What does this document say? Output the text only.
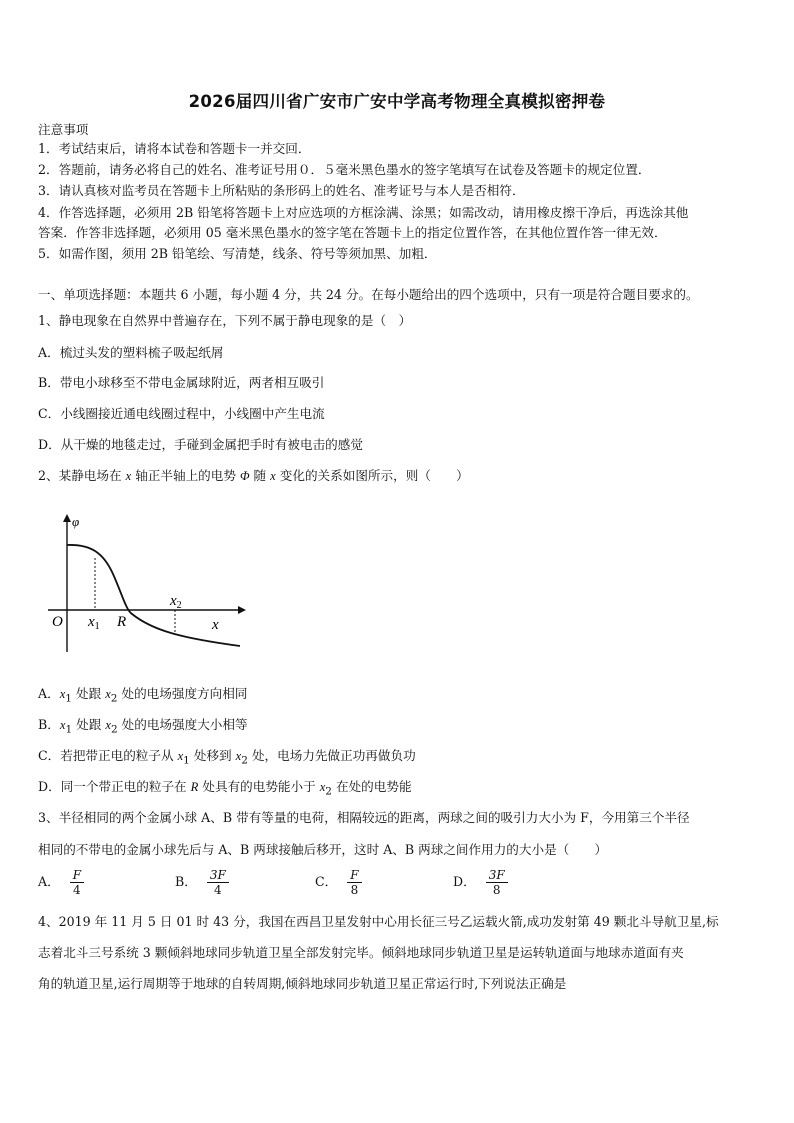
2026届四川省广安市广安中学高考物理全真模拟密押卷
注意事项
1．考试结束后，请将本试卷和答题卡一并交回．
2．答题前，请务必将自己的姓名、准考证号用０．５毫米黑色墨水的签字笔填写在试卷及答题卡的规定位置．
3．请认真核对监考员在答题卡上所粘贴的条形码上的姓名、准考证号与本人是否相符．
4．作答选择题，必须用 2B 铅笔将答题卡上对应选项的方框涂满、涂黑；如需改动，请用橡皮擦干净后，再选涂其他
答案．作答非选择题，必须用 05 毫米黑色墨水的签字笔在答题卡上的指定位置作答，在其他位置作答一律无效．
5．如需作图，须用 2B 铅笔绘、写清楚，线条、符号等须加黑、加粗．
一、单项选择题：本题共 6 小题，每小题 4 分，共 24 分。在每小题给出的四个选项中，只有一项是符合题目要求的。
1、静电现象在自然界中普遍存在，下列不属于静电现象的是（　）
A．梳过头发的塑料梳子吸起纸屑
B．带电小球移至不带电金属球附近，两者相互吸引
C．小线圈接近通电线圈过程中，小线圈中产生电流
D．从干燥的地毯走过，手碰到金属把手时有被电击的感觉
2、某静电场在 x 轴正半轴上的电势 Φ 随 x 变化的关系如图所示，则（　　）
φ
O $x_1$ R
$x_2$
x
A．$x_1$ 处跟 $x_2$ 处的电场强度方向相同
B．$x_1$ 处跟 $x_2$ 处的电场强度大小相等
C．若把带正电的粒子从 $x_1$ 处移到 $x_2$ 处，电场力先做正功再做负功
D．同一个带正电的粒子在 R 处具有的电势能小于 $x_2$ 在处的电势能
3、半径相同的两个金属小球 A、B 带有等量的电荷，相隔较远的距离，两球之间的吸引力大小为 F，今用第三个半径
相同的不带电的金属小球先后与 A、B 两球接触后移开，这时 A、B 两球之间作用力的大小是（　　）
A． $\frac{F}{4}$	B． $\frac{3F}{4}$	C． $\frac{F}{8}$	D． $\frac{3F}{8}$
4、2019 年 11 月 5 日 01 时 43 分，我国在西昌卫星发射中心用长征三号乙运载火箭,成功发射第 49 颗北斗导航卫星,标
志着北斗三号系统 3 颗倾斜地球同步轨道卫星全部发射完毕。倾斜地球同步轨道卫星是运转轨道面与地球赤道面有夹
角的轨道卫星,运行周期等于地球的自转周期,倾斜地球同步轨道卫星正常运行时,下列说法正确是
